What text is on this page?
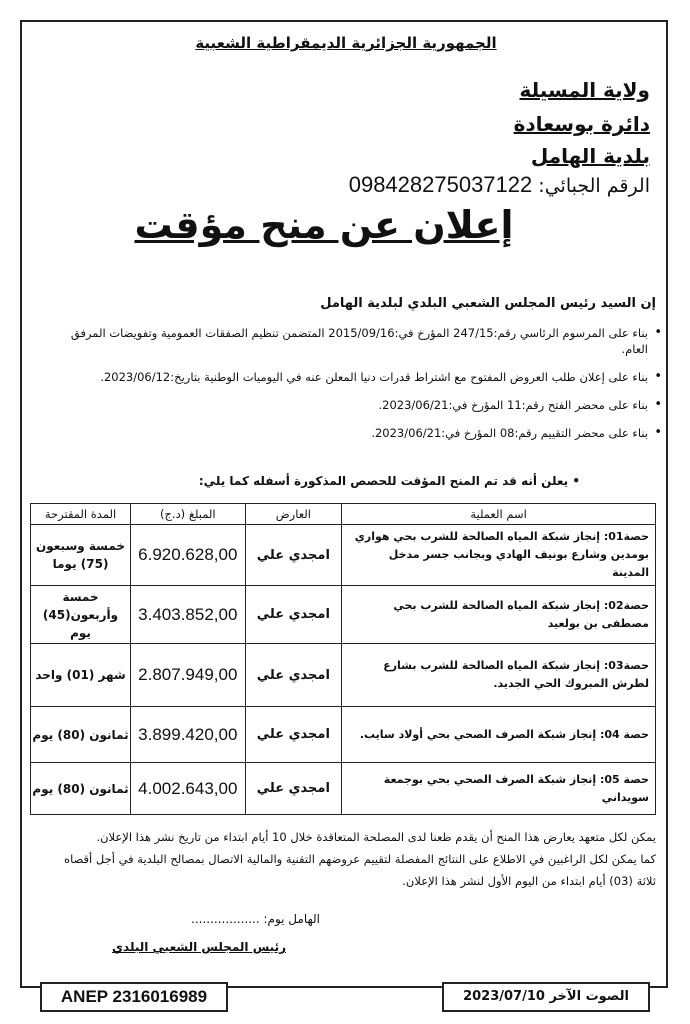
الجمهورية الجزائرية الديمقراطية الشعبية
ولاية المسيلة
دائرة بوسعادة
بلدية الهامل
098428275037122 الرقم الجبائي:
إعلان عن منح مؤقت
إن السيد رئيس المجلس الشعبي البلدي لبلدية الهامل
• بناء على المرسوم الرئاسي رقم:247/15 المؤرخ في:2015/09/16 المتضمن تنظيم الصفقات العمومية وتفويضات المرفق العام.
• بناء على إعلان طلب العروض المفتوح مع اشتراط قدرات دنيا المعلن عنه في اليوميات الوطنية بتاريخ:2023/06/12.
• بناء على محضر الفتح رقم:11 المؤرخ في:2023/06/21.
• بناء على محضر التقييم رقم:08 المؤرخ في:2023/06/21.
• يعلن أنه قد تم المنح المؤقت للحصص المذكورة أسفله كما يلي:
اسم العملية	العارض	المبلغ (د.ج)	المدة المقترحة
حصة01: إنجاز شبكة المياه الصالحة للشرب بحي هواري بومدين وشارع بونيف الهادي وبجانب جسر مدخل المدينة	امجدي علي	6.920.628,00	خمسة وسبعون (75) يوما
حصة02: إنجاز شبكة المياه الصالحة للشرب بحي مصطفى بن بولعيد	امجدي علي	3.403.852,00	خمسة وأربعون(45) يوم
حصة03: إنجاز شبكة المياه الصالحة للشرب بشارع لطرش المبروك الحي الجديد.	امجدي علي	2.807.949,00	شهر (01) واحد
حصة 04: إنجاز شبكة الصرف الصحي بحي أولاد سايب.	امجدي علي	3.899.420,00	ثمانون (80) يوم
حصة 05: إنجاز شبكة الصرف الصحي بحي بوجمعة سويداني	امجدي علي	4.002.643,00	ثمانون (80) يوم
يمكن لكل متعهد يعارض هذا المنح أن يقدم طعنا لدى المصلحة المتعاقدة خلال 10 أيام ابتداء من تاريخ نشر هذا الإعلان.
كما يمكن لكل الراغبين في الاطلاع على النتائج المفصلة لتقييم عروضهم التقنية والمالية الاتصال بمصالح البلدية في أجل أقصاه ثلاثة (03) أيام ابتداء من اليوم الأول لنشر هذا الإعلان.
الهامل يوم: ..................
رئيس المجلس الشعبي البلدي
ANEP 2316016989	الصوت الآخر 2023/07/10
